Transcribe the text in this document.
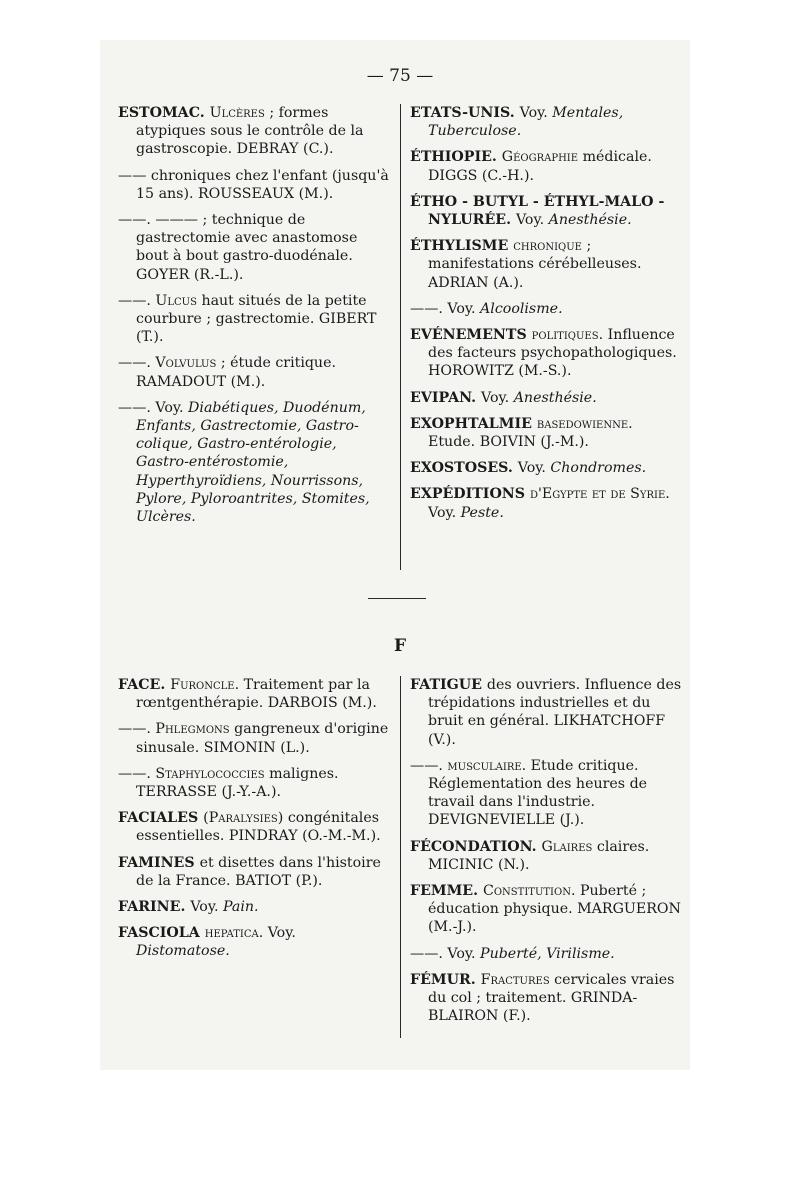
— 75 —
ESTOMAC. Ulcères ; formes atypiques sous le contrôle de la gastroscopie. DEBRAY (C.).
—— chroniques chez l'enfant (jusqu'à 15 ans). ROUSSEAUX (M.).
——. ——— ; technique de gastrectomie avec anastomose bout à bout gastro-duodénale. GOYER (R.-L.).
——. Ulcus haut situés de la petite courbure ; gastrectomie. GIBERT (T.).
——. Volvulus ; étude critique. RAMADOUT (M.).
——. Voy. Diabétiques, Duodénum, Enfants, Gastrectomie, Gastro-colique, Gastro-entérologie, Gastro-entérostomie, Hyperthyroïdiens, Nourrissons, Pylore, Pyloroantrites, Stomites, Ulcères.
ETATS-UNIS. Voy. Mentales, Tuberculose.
ÉTHIOPIE. Géographie médicale. DIGGS (C.-H.).
ÉTHO - BUTYL - ÉTHYL-MALO - NYLURÉE. Voy. Anesthésie.
ÉTHYLISME chronique ; manifestations cérébelleuses. ADRIAN (A.).
——. Voy. Alcoolisme.
EVÉNEMENTS politiques. Influence des facteurs psychopathologiques. HOROWITZ (M.-S.).
EVIPAN. Voy. Anesthésie.
EXOPHTALMIE basedowienne. Etude. BOIVIN (J.-M.).
EXOSTOSES. Voy. Chondromes.
EXPÉDITIONS d'Egypte et de Syrie. Voy. Peste.
F
FACE. Furoncle. Traitement par la rœntgenthérapie. DARBOIS (M.).
——. Phlegmons gangreneux d'origine sinusale. SIMONIN (L.).
——. Staphylococcies malignes. TERRASSE (J.-Y.-A.).
FACIALES (Paralysies) congénitales essentielles. PINDRAY (O.-M.-M.).
FAMINES et disettes dans l'histoire de la France. BATIOT (P.).
FARINE. Voy. Pain.
FASCIOLA hepatica. Voy. Distomatose.
FATIGUE des ouvriers. Influence des trépidations industrielles et du bruit en général. LIKHATCHOFF (V.).
——. musculaire. Etude critique. Réglementation des heures de travail dans l'industrie. DEVIGNEVIELLE (J.).
FÉCONDATION. Glaires claires. MICINIC (N.).
FEMME. Constitution. Puberté ; éducation physique. MARGUERON (M.-J.).
——. Voy. Puberté, Virilisme.
FÉMUR. Fractures cervicales vraies du col ; traitement. GRINDA-BLAIRON (F.).
